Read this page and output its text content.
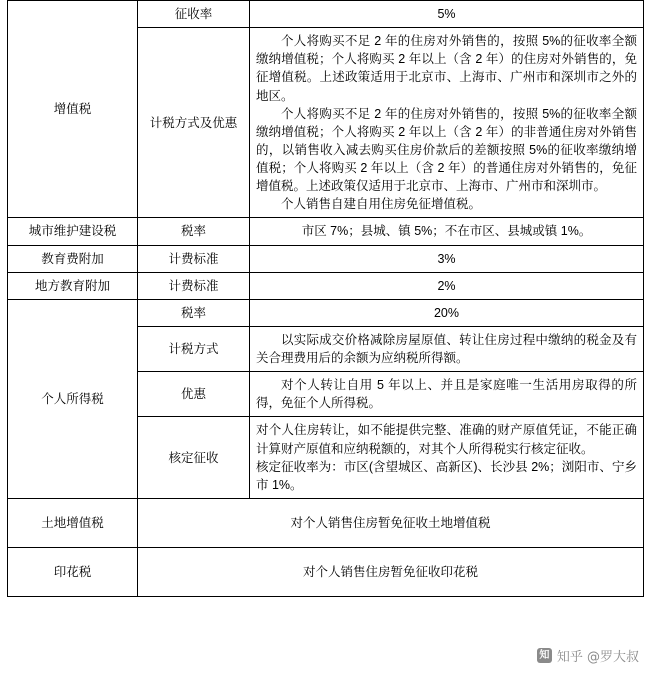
增值税	征收率	5%
	计税方式及优惠	个人将购买不足 2 年的住房对外销售的，按照 5%的征收率全额缴纳增值税；个人将购买 2 年以上（含 2 年）的住房对外销售的，免征增值税。上述政策适用于北京市、上海市、广州市和深圳市之外的地区。

个人将购买不足 2 年的住房对外销售的，按照 5%的征收率全额缴纳增值税；个人将购买 2 年以上（含 2 年）的非普通住房对外销售的，以销售收入减去购买住房价款后的差额按照 5%的征收率缴纳增值税；个人将购买 2 年以上（含 2 年）的普通住房对外销售的，免征增值税。上述政策仅适用于北京市、上海市、广州市和深圳市。

个人销售自建自用住房免征增值税。

城市维护建设税	税率	市区 7%；县城、镇 5%；不在市区、县城或镇 1%。
教育费附加	计费标准	3%
地方教育附加	计费标准	2%
个人所得税	税率	20%
	计税方式	以实际成交价格减除房屋原值、转让住房过程中缴纳的税金及有关合理费用后的余额为应纳税所得额。

	优惠	对个人转让自用 5 年以上、并且是家庭唯一生活用房取得的所得，免征个人所得税。

	核定征收	对个人住房转让，如不能提供完整、准确的财产原值凭证，不能正确计算财产原值和应纳税额的，对其个人所得税实行核定征收。

核定征收率为：市区(含望城区、高新区)、长沙县 2%；浏阳市、宁乡市 1%。

土地增值税	对个人销售住房暂免征收土地增值税	
印花税	对个人销售住房暂免征收印花税	
知 知乎 @罗大叔
